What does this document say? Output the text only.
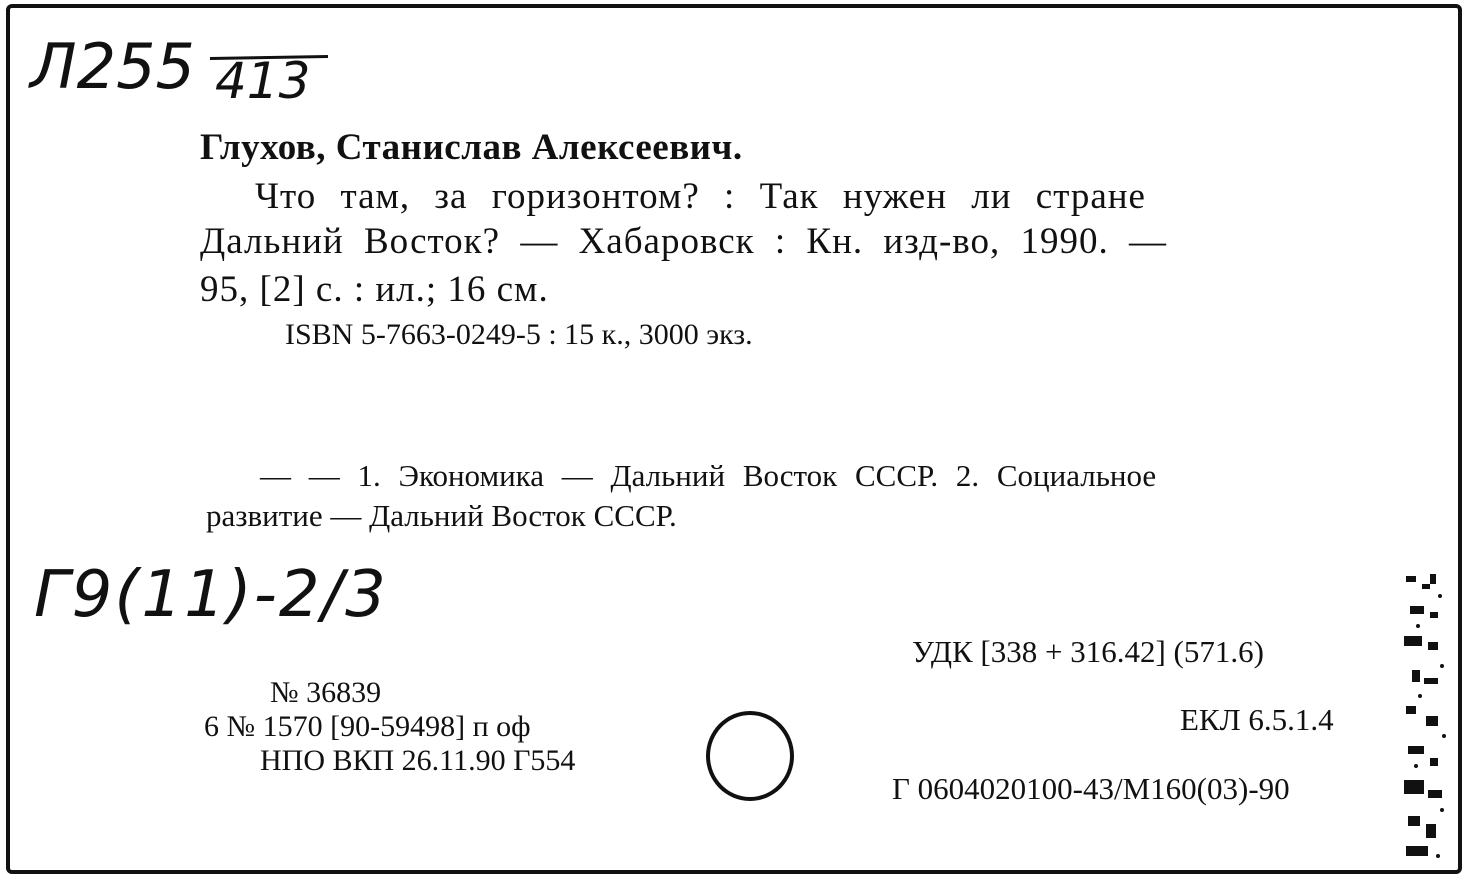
Л255 413
Глухов, Станислав Алексеевич.
Что там, за горизонтом? : Так нужен ли стране
Дальний Восток? — Хабаровск : Кн. изд-во, 1990. —
95, [2] с. : ил.; 16 см.
ISBN 5-7663-0249-5 : 15 к., 3000 экз.
— — 1. Экономика — Дальний Восток СССР. 2. Социальное
развитие — Дальний Восток СССР.
Г9(11)-2/3
УДК [338 + 316.42] (571.6)
ЕКЛ 6.5.1.4
Г 0604020100-43/М160(03)-90
№ 36839
6 № 1570 [90-59498] п оф
НПО ВКП 26.11.90 Г554
